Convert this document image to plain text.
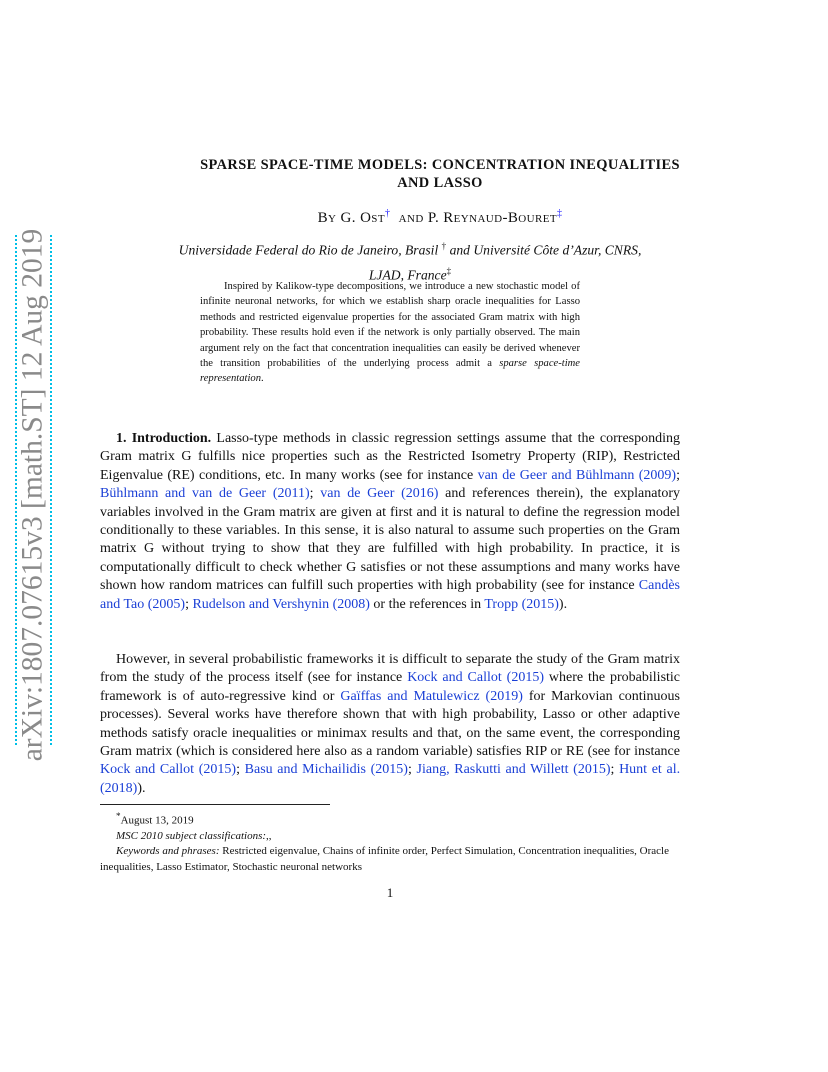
arXiv:1807.07615v3 [math.ST] 12 Aug 2019
SPARSE SPACE-TIME MODELS: CONCENTRATION INEQUALITIES
AND LASSO
By G. Ost† and P. Reynaud-Bouret‡
Universidade Federal do Rio de Janeiro, Brasil † and Université Côte d’Azur, CNRS,
LJAD, France‡
Inspired by Kalikow-type decompositions, we introduce a new stochastic model of infinite neuronal networks, for which we establish sharp oracle inequalities for Lasso methods and restricted eigenvalue properties for the associated Gram matrix with high probability. These results hold even if the network is only partially observed. The main argument rely on the fact that concentration inequalities can easily be derived whenever the transition probabilities of the underlying process admit a sparse space-time representation.
1. Introduction. Lasso-type methods in classic regression settings assume that the corresponding Gram matrix G fulfills nice properties such as the Restricted Isometry Property (RIP), Restricted Eigenvalue (RE) conditions, etc. In many works (see for instance van de Geer and Bühlmann (2009); Bühlmann and van de Geer (2011); van de Geer (2016) and references therein), the explanatory variables involved in the Gram matrix are given at first and it is natural to define the regression model conditionally to these variables. In this sense, it is also natural to assume such properties on the Gram matrix G without trying to show that they are fulfilled with high probability. In practice, it is computationally difficult to check whether G satisfies or not these assumptions and many works have shown how random matrices can fulfill such properties with high probability (see for instance Candès and Tao (2005); Rudelson and Vershynin (2008) or the references in Tropp (2015)).
However, in several probabilistic frameworks it is difficult to separate the study of the Gram matrix from the study of the process itself (see for instance Kock and Callot (2015) where the probabilistic framework is of auto-regressive kind or Gaïffas and Matulewicz (2019) for Markovian continuous processes). Several works have therefore shown that with high probability, Lasso or other adaptive methods satisfy oracle inequalities or minimax results and that, on the same event, the corresponding Gram matrix (which is considered here also as a random variable) satisfies RIP or RE (see for instance Kock and Callot (2015); Basu and Michailidis (2015); Jiang, Raskutti and Willett (2015); Hunt et al. (2018)).
*August 13, 2019
MSC 2010 subject classifications:,,
Keywords and phrases: Restricted eigenvalue, Chains of infinite order, Perfect Simulation, Concentration inequalities, Oracle inequalities, Lasso Estimator, Stochastic neuronal networks
1
